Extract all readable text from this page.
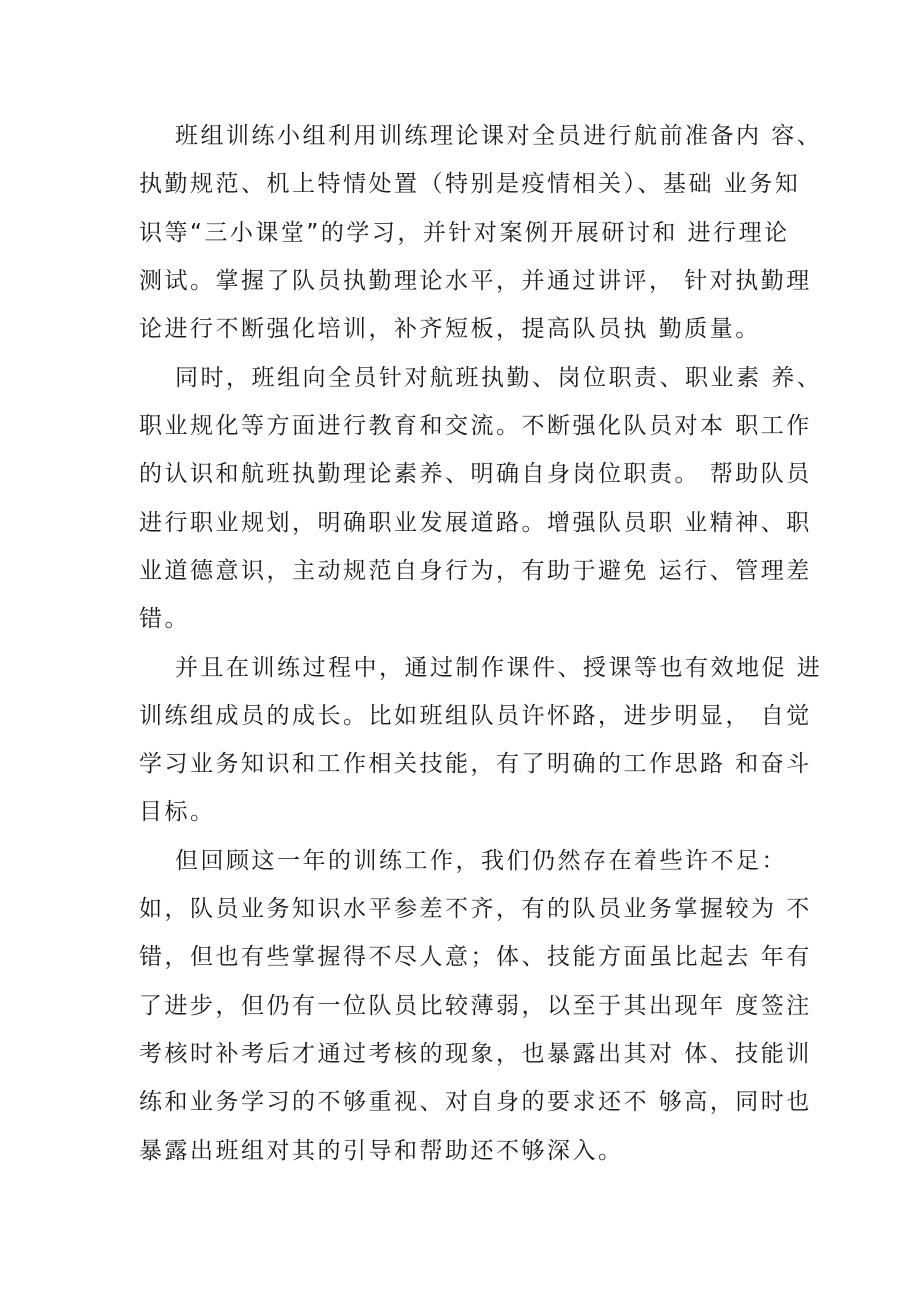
班组训练小组利用训练理论课对全员进行航前准备内 容、
执勤规范、机上特情处置（特别是疫情相关）、基础 业务知
识等“三小课堂”的学习，并针对案例开展研讨和 进行理论
测试。掌握了队员执勤理论水平，并通过讲评， 针对执勤理
论进行不断强化培训，补齐短板，提高队员执 勤质量。
同时，班组向全员针对航班执勤、岗位职责、职业素 养、
职业规化等方面进行教育和交流。不断强化队员对本 职工作
的认识和航班执勤理论素养、明确自身岗位职责。 帮助队员
进行职业规划，明确职业发展道路。增强队员职 业精神、职
业道德意识，主动规范自身行为，有助于避免 运行、管理差
错。
并且在训练过程中，通过制作课件、授课等也有效地促 进
训练组成员的成长。比如班组队员许怀路，进步明显， 自觉
学习业务知识和工作相关技能，有了明确的工作思路 和奋斗
目标。
但回顾这一年的训练工作，我们仍然存在着些许不足：
如，队员业务知识水平参差不齐，有的队员业务掌握较为 不
错，但也有些掌握得不尽人意；体、技能方面虽比起去 年有
了进步，但仍有一位队员比较薄弱，以至于其出现年 度签注
考核时补考后才通过考核的现象，也暴露出其对 体、技能训
练和业务学习的不够重视、对自身的要求还不 够高，同时也
暴露出班组对其的引导和帮助还不够深入。
